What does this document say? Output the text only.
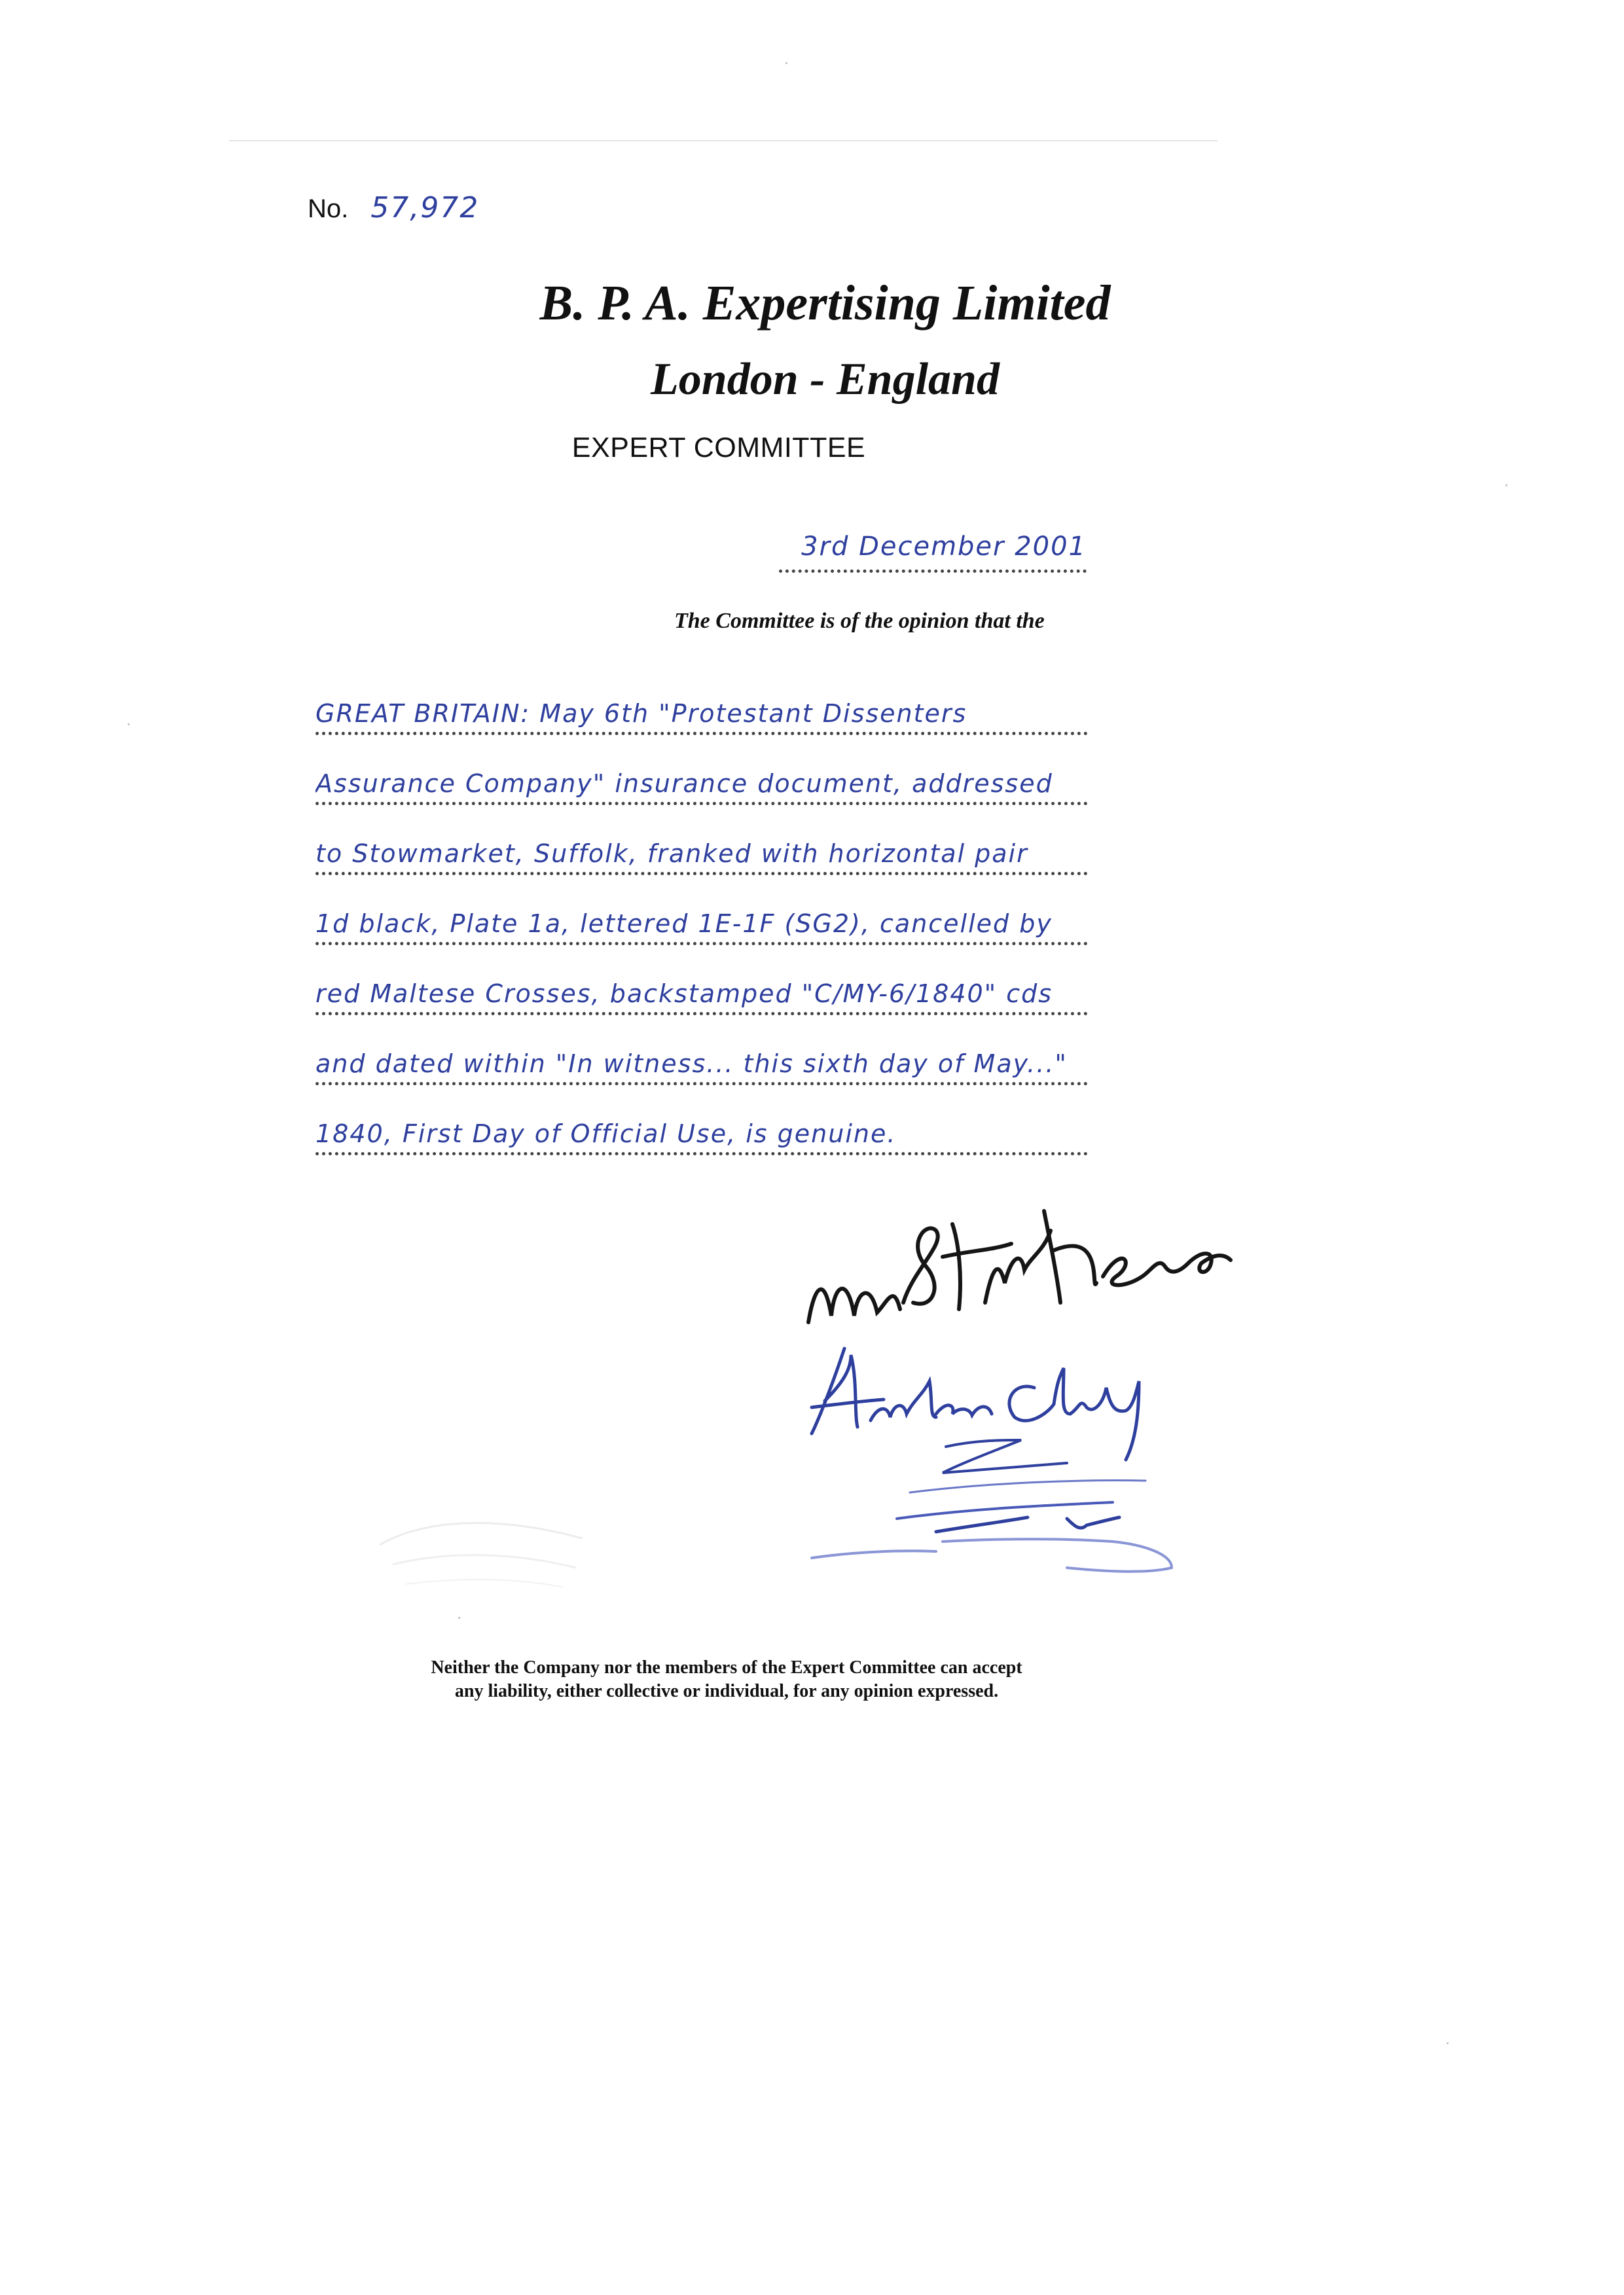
No. 57,972
B. P. A. Expertising Limited
London - England
EXPERT COMMITTEE
3rd December 2001
The Committee is of the opinion that the
GREAT BRITAIN: May 6th "Protestant Dissenters
Assurance Company" insurance document, addressed
to Stowmarket, Suffolk, franked with horizontal pair
1d black, Plate 1a, lettered 1E-1F (SG2), cancelled by
red Maltese Crosses, backstamped "C/MY-6/1840" cds
and dated within "In witness... this sixth day of May..."
1840, First Day of Official Use, is genuine.
Neither the Company nor the members of the Expert Committee can accept
any liability, either collective or individual, for any opinion expressed.
